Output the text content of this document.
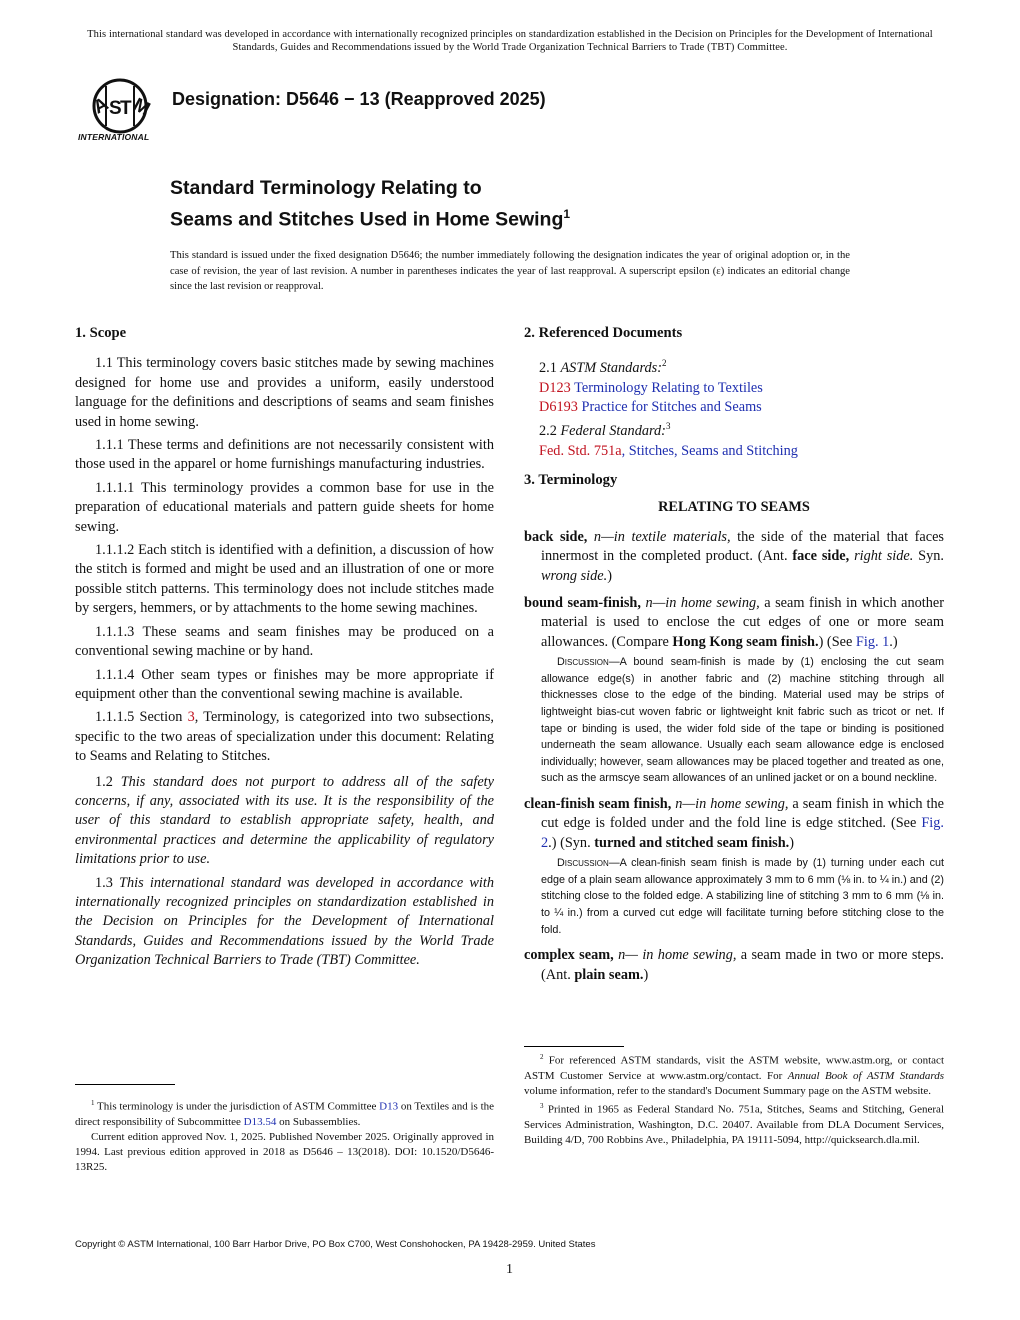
This international standard was developed in accordance with internationally recognized principles on standardization established in the Decision on Principles for the Development of International Standards, Guides and Recommendations issued by the World Trade Organization Technical Barriers to Trade (TBT) Committee.
A
S
T
M
INTERNATIONAL
Designation: D5646 − 13 (Reapproved 2025)
Standard Terminology Relating to
Seams and Stitches Used in Home Sewing$^1$
This standard is issued under the fixed designation D5646; the number immediately following the designation indicates the year of original adoption or, in the case of revision, the year of last revision. A number in parentheses indicates the year of last reapproval. A superscript epsilon (ε) indicates an editorial change since the last revision or reapproval.
1. Scope

1.1 This terminology covers basic stitches made by sewing machines designed for home use and provides a uniform, easily understood language for the definitions and descriptions of seams and seam finishes used in home sewing.

1.1.1 These terms and definitions are not necessarily consistent with those used in the apparel or home furnishings manufacturing industries.

1.1.1.1 This terminology provides a common base for use in the preparation of educational materials and pattern guide sheets for home sewing.

1.1.1.2 Each stitch is identified with a definition, a discussion of how the stitch is formed and might be used and an illustration of one or more possible stitch patterns. This terminology does not include stitches made by sergers, hemmers, or by attachments to the home sewing machines.

1.1.1.3 These seams and seam finishes may be produced on a conventional sewing machine or by hand.

1.1.1.4 Other seam types or finishes may be more appropriate if equipment other than the conventional sewing machine is available.

1.1.1.5 Section 3, Terminology, is categorized into two subsections, specific to the two areas of specialization under this document: Relating to Seams and Relating to Stitches.

1.2 This standard does not purport to address all of the safety concerns, if any, associated with its use. It is the responsibility of the user of this standard to establish appropriate safety, health, and environmental practices and determine the applicability of regulatory limitations prior to use.

1.3 This international standard was developed in accordance with internationally recognized principles on standardization established in the Decision on Principles for the Development of International Standards, Guides and Recommendations issued by the World Trade Organization Technical Barriers to Trade (TBT) Committee.

2. Referenced Documents
2.1 ASTM Standards:$^2$
D123 Terminology Relating to Textiles
D6193 Practice for Stitches and Seams
2.2 Federal Standard:$^3$
Fed. Std. 751a, Stitches, Seams and Stitching
3. Terminology
RELATING TO SEAMS
back side, n—in textile materials, the side of the material that faces innermost in the completed product. (Ant. face side, right side. Syn. wrong side.)
bound seam-finish, n—in home sewing, a seam finish in which another material is used to enclose the cut edges of one or more seam allowances. (Compare Hong Kong seam finish.) (See Fig. 1.)
Discussion—A bound seam-finish is made by (1) enclosing the cut seam allowance edge(s) in another fabric and (2) machine stitching through all thicknesses close to the edge of the binding. Material used may be strips of lightweight bias-cut woven fabric or lightweight knit fabric such as tricot or net. If tape or binding is used, the wider fold side of the tape or binding is positioned underneath the seam allowance. Usually each seam allowance edge is enclosed individually; however, seam allowances may be placed together and treated as one, such as the armscye seam allowances of an unlined jacket or on a bound neckline.
clean-finish seam finish, n—in home sewing, a seam finish in which the cut edge is folded under and the fold line is edge stitched. (See Fig. 2.) (Syn. turned and stitched seam finish.)
Discussion—A clean-finish seam finish is made by (1) turning under each cut edge of a plain seam allowance approximately 3 mm to 6 mm (⅛ in. to ¼ in.) and (2) stitching close to the folded edge. A stabilizing line of stitching 3 mm to 6 mm (⅛ in. to ¼ in.) from a curved cut edge will facilitate turning before stitching close to the fold.
complex seam, n— in home sewing, a seam made in two or more steps. (Ant. plain seam.)

$^1$ This terminology is under the jurisdiction of ASTM Committee D13 on Textiles and is the direct responsibility of Subcommittee D13.54 on Subassemblies.

Current edition approved Nov. 1, 2025. Published November 2025. Originally approved in 1994. Last previous edition approved in 2018 as D5646 – 13(2018). DOI: 10.1520/D5646-13R25.

$^2$ For referenced ASTM standards, visit the ASTM website, www.astm.org, or contact ASTM Customer Service at www.astm.org/contact. For Annual Book of ASTM Standards volume information, refer to the standard's Document Summary page on the ASTM website.

$^3$ Printed in 1965 as Federal Standard No. 751a, Stitches, Seams and Stitching, General Services Administration, Washington, D.C. 20407. Available from DLA Document Services, Building 4/D, 700 Robbins Ave., Philadelphia, PA 19111-5094, http://quicksearch.dla.mil.

Copyright © ASTM International, 100 Barr Harbor Drive, PO Box C700, West Conshohocken, PA 19428-2959. United States
1
